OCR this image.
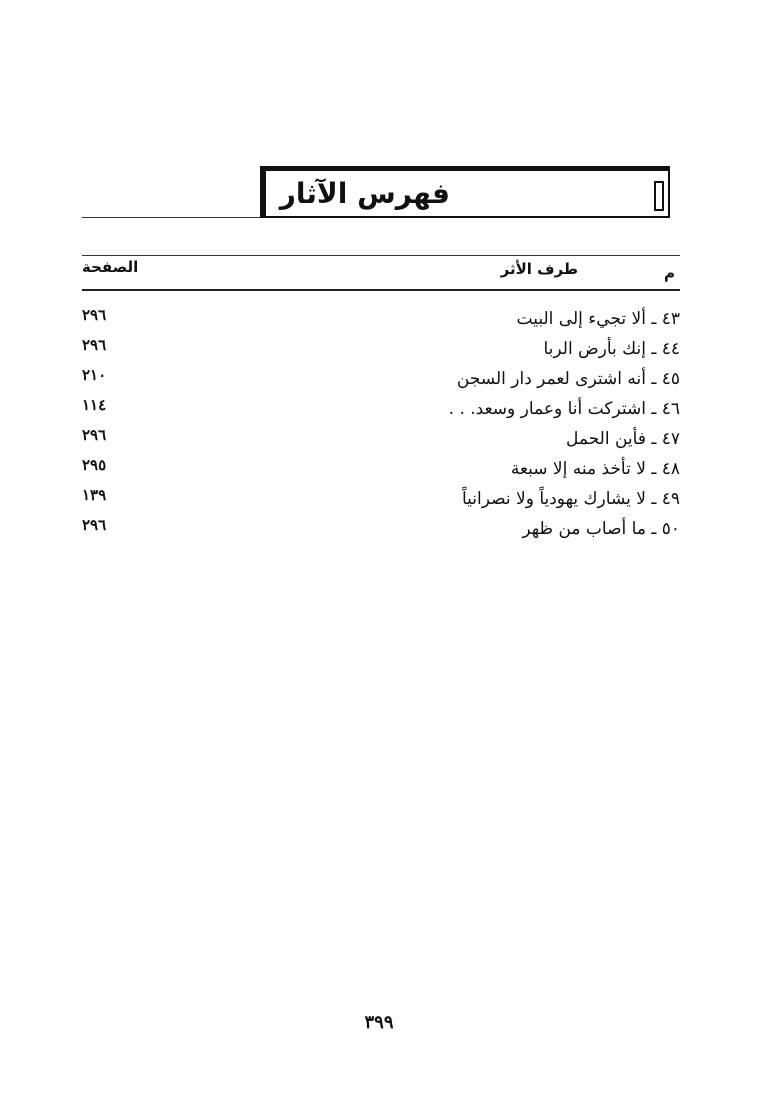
فهرس الآثار
م
طرف الأثر
الصفحة
٤٣ ـ ألا تجيء إلى البيت
٢٩٦
٤٤ ـ إنك بأرض الربا
٢٩٦
٤٥ ـ أنه اشترى لعمر دار السجن
٢١٠
٤٦ ـ اشتركت أنا وعمار وسعد. . .
١١٤
٤٧ ـ فأين الحمل
٢٩٦
٤٨ ـ لا تأخذ منه إلا سبعة
٢٩٥
٤٩ ـ لا يشارك يهودياً ولا نصرانياً
١٣٩
٥٠ ـ ما أصاب من ظهر
٢٩٦
٣٩٩
